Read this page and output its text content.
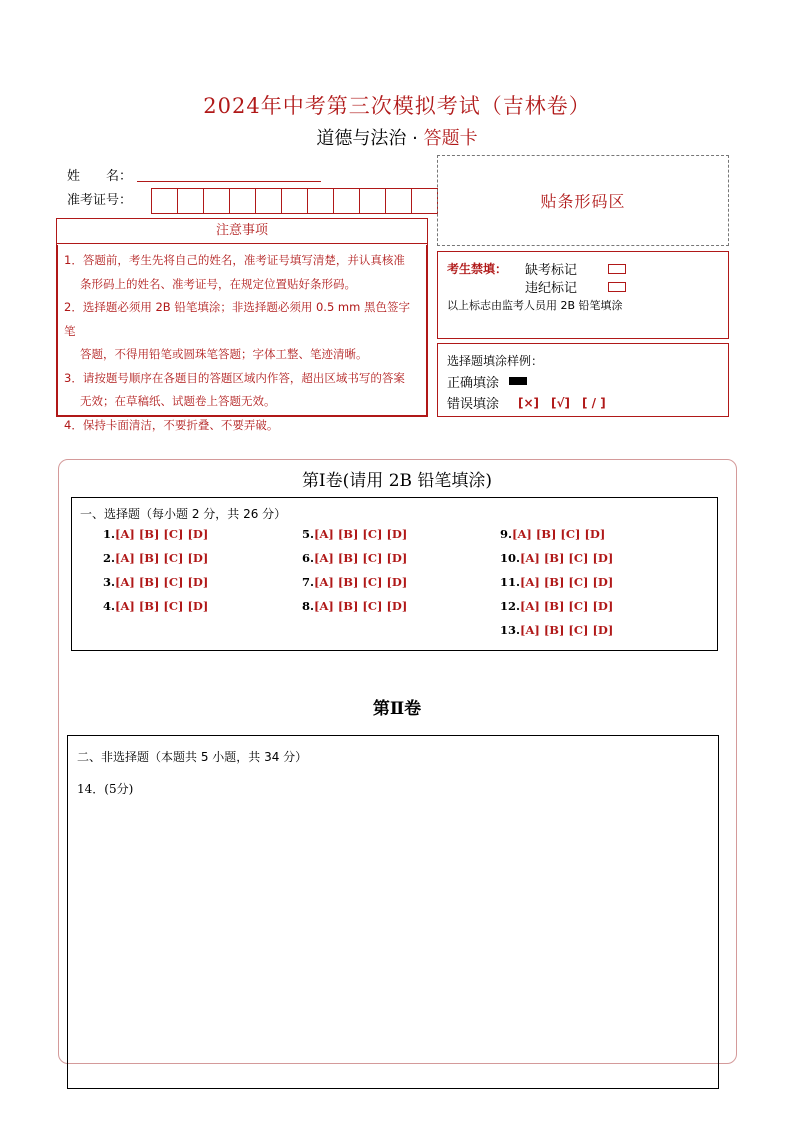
2024年中考第三次模拟考试（吉林卷）
道德与法治 · 答题卡
姓　　名：
准考证号：	贴条形码区
注意事项
1．答题前，考生先将自己的姓名，准考证号填写清楚，并认真核准
条形码上的姓名、准考证号，在规定位置贴好条形码。
2．选择题必须用 2B 铅笔填涂；非选择题必须用 0.5 mm 黑色签字笔
答题，不得用铅笔或圆珠笔答题；字体工整、笔迹清晰。
3．请按题号顺序在各题目的答题区域内作答，超出区域书写的答案
无效；在草稿纸、试题卷上答题无效。
4．保持卡面清洁，不要折叠、不要弄破。
考生禁填： 缺考标记
违纪标记
以上标志由监考人员用 2B 铅笔填涂
选择题填涂样例：
正确填涂
错误填涂 [×]　[√]　[ / ]
第Ⅰ卷(请用 2B 铅笔填涂)
一、选择题（每小题 2 分，共 26 分）
1.[A] [B] [C] [D]
2.[A] [B] [C] [D]
3.[A] [B] [C] [D]
4.[A] [B] [C] [D]
5.[A] [B] [C] [D]
6.[A] [B] [C] [D]
7.[A] [B] [C] [D]
8.[A] [B] [C] [D]
9.[A] [B] [C] [D]
10.[A] [B] [C] [D]
11.[A] [B] [C] [D]
12.[A] [B] [C] [D]
13.[A] [B] [C] [D]
第Ⅱ卷
二、非选择题（本题共 5 小题，共 34 分）
14．(5分)
